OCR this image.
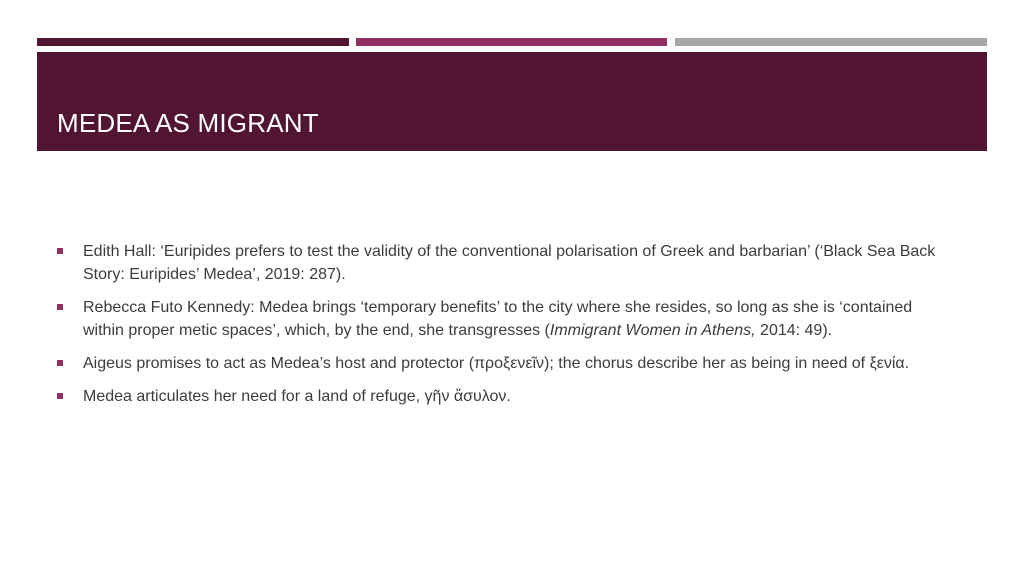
MEDEA AS MIGRANT
Edith Hall: ‘Euripides prefers to test the validity of the conventional polarisation of Greek and barbarian’ (‘Black Sea Back Story: Euripides’ Medea’, 2019: 287).
Rebecca Futo Kennedy: Medea brings ‘temporary benefits’ to the city where she resides, so long as she is ‘contained within proper metic spaces’, which, by the end, she transgresses (Immigrant Women in Athens, 2014: 49).
Aigeus promises to act as Medea’s host and protector (προξενεῖν); the chorus describe her as being in need of ξενία.
Medea articulates her need for a land of refuge, γῆν ἄσυλον.
